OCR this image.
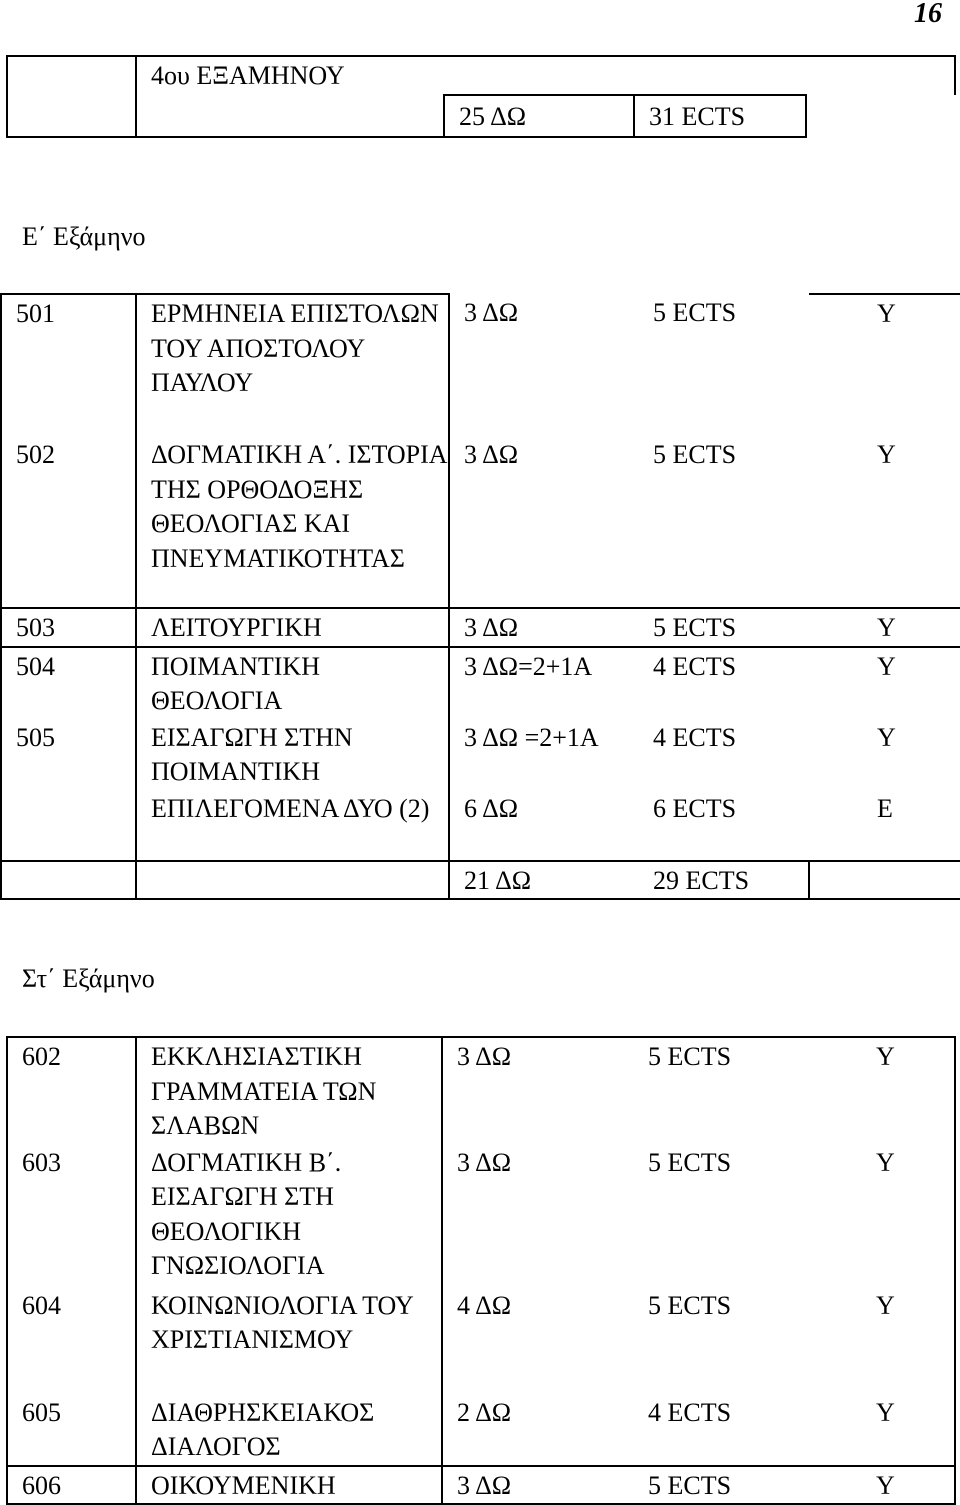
16
	4ου ΕΞΑΜΗΝΟΥ			
		25 ΔΩ	31 ECTS	
Ε΄ Εξάμηνο
501	ΕΡΜΗΝΕΙΑ ΕΠΙΣΤΟΛΩΝ ΤΟΥ ΑΠΟΣΤΟΛΟΥ ΠΑΥΛΟΥ	3 ΔΩ	5 ECTS	Υ
502	ΔΟΓΜΑΤΙΚΗ Α΄. ΙΣΤΟΡΙΑ ΤΗΣ ΟΡΘΟΔΟΞΗΣ ΘΕΟΛΟΓΙΑΣ ΚΑΙ ΠΝΕΥΜΑΤΙΚΟΤΗΤΑΣ	3 ΔΩ	5 ECTS	Υ
503	ΛΕΙΤΟΥΡΓΙΚΗ	3 ΔΩ	5 ECTS	Υ
504	ΠΟΙΜΑΝΤΙΚΗ ΘΕΟΛΟΓΙΑ	3 ΔΩ=2+1Α	4 ECTS	Υ
505	ΕΙΣΑΓΩΓΗ ΣΤΗΝ ΠΟΙΜΑΝΤΙΚΗ	3 ΔΩ =2+1Α	4 ECTS	Υ
	ΕΠΙΛΕΓΟΜΕΝΑ ΔΥΟ (2)	6 ΔΩ	6 ECTS	Ε
		21 ΔΩ	29 ECTS	
Στ΄ Εξάμηνο
602	ΕΚΚΛΗΣΙΑΣΤΙΚΗ ΓΡΑΜΜΑΤΕΙΑ ΤΩΝ ΣΛΑΒΩΝ	3 ΔΩ	5 ECTS	Υ
603	ΔΟΓΜΑΤΙΚΗ Β΄. ΕΙΣΑΓΩΓΗ ΣΤΗ ΘΕΟΛΟΓΙΚΗ ΓΝΩΣΙΟΛΟΓΙΑ	3 ΔΩ	5 ECTS	Υ
604	ΚΟΙΝΩΝΙΟΛΟΓΙΑ ΤΟΥ ΧΡΙΣΤΙΑΝΙΣΜΟΥ	4 ΔΩ	5 ECTS	Υ
605	ΔΙΑΘΡΗΣΚΕΙΑΚΟΣ ΔΙΑΛΟΓΟΣ	2 ΔΩ	4 ECTS	Υ
606	ΟΙΚΟΥΜΕΝΙΚΗ	3 ΔΩ	5 ECTS	Υ
